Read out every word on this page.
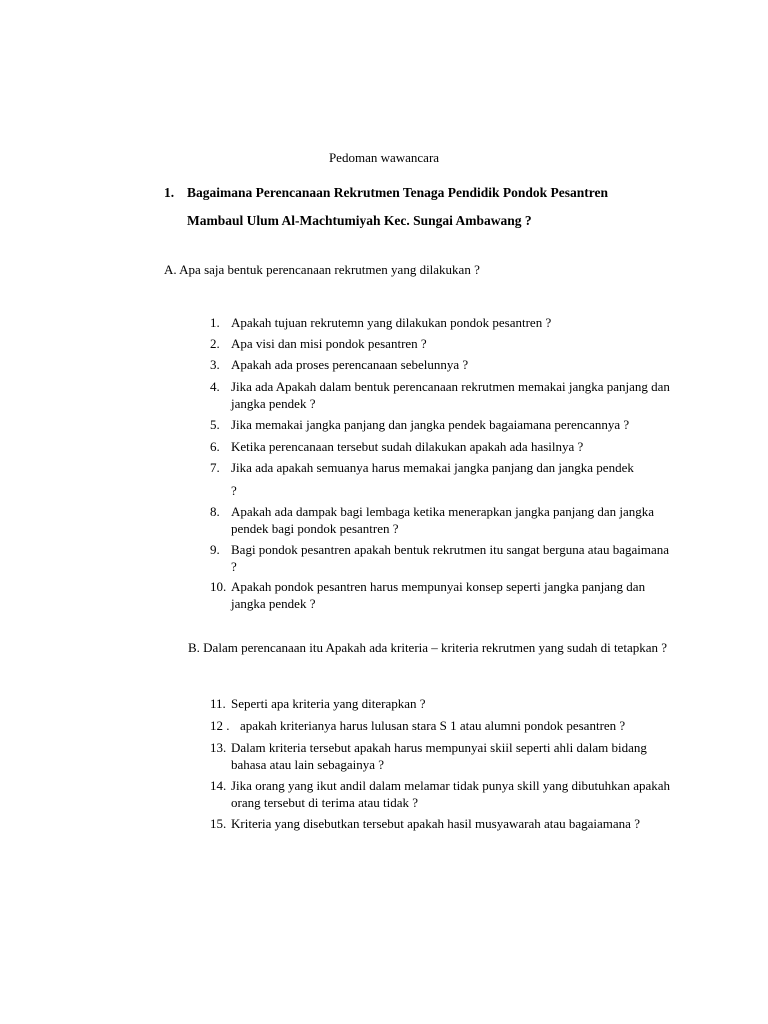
Pedoman wawancara
1. Bagaimana Perencanaan Rekrutmen Tenaga Pendidik Pondok Pesantren
Mambaul Ulum Al-Machtumiyah Kec. Sungai Ambawang ?
A. Apa saja bentuk perencanaan rekrutmen yang dilakukan ?
1. Apakah tujuan rekrutemn yang dilakukan pondok pesantren ?
2. Apa visi dan misi pondok pesantren ?
3. Apakah ada proses perencanaan sebelunnya ?
4. Jika ada Apakah dalam bentuk perencanaan rekrutmen memakai jangka panjang dan jangka pendek ?
5. Jika memakai jangka panjang dan jangka pendek bagaiamana perencannya ?
6. Ketika perencanaan tersebut sudah dilakukan apakah ada hasilnya ?
7. Jika ada apakah semuanya harus memakai jangka panjang dan jangka pendek
?
8. Apakah ada dampak bagi lembaga ketika menerapkan jangka panjang dan jangka pendek bagi pondok pesantren ?
9. Bagi pondok pesantren apakah bentuk rekrutmen itu sangat berguna atau bagaimana ?
10. Apakah pondok pesantren harus mempunyai konsep seperti jangka panjang dan jangka pendek ?
B. Dalam perencanaan itu Apakah ada kriteria – kriteria rekrutmen yang sudah di tetapkan ?
11. Seperti apa kriteria yang diterapkan ?
12 . apakah kriterianya harus lulusan stara S 1 atau alumni pondok pesantren ?
13. Dalam kriteria tersebut apakah harus mempunyai skiil seperti ahli dalam bidang bahasa atau lain sebagainya ?
14. Jika orang yang ikut andil dalam melamar tidak punya skill yang dibutuhkan apakah orang tersebut di terima atau tidak ?
15. Kriteria yang disebutkan tersebut apakah hasil musyawarah atau bagaiamana ?
